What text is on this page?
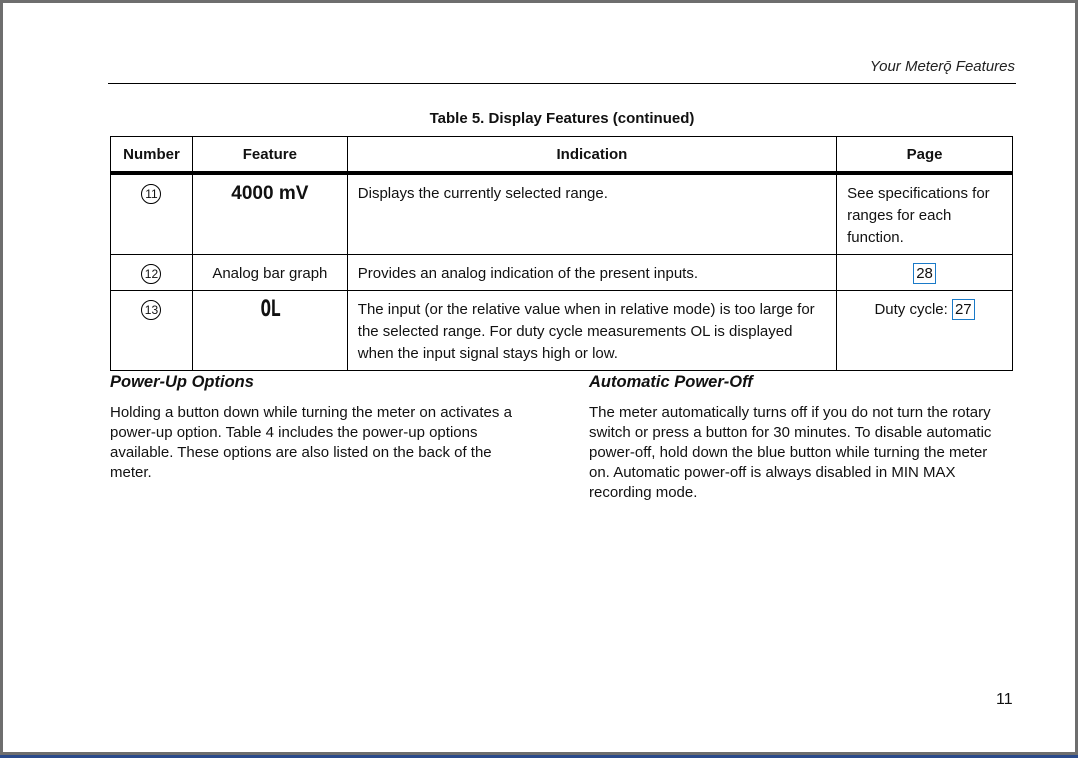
Your Meterǭ Features
Table 5. Display Features (continued)
Number	Feature	Indication	Page
11	4000 mV	Displays the currently selected range.	See specifications for ranges for each function.
12	Analog bar graph	Provides an analog indication of the present inputs.	28
13	OL	The input (or the relative value when in relative mode) is too large for the selected range. For duty cycle measurements OL is displayed when the input signal stays high or low.	Duty cycle: 27
Power-Up Options

Holding a button down while turning the meter on activates a power-up option. Table 4 includes the power-up options available. These options are also listed on the back of the meter.

Automatic Power-Off

The meter automatically turns off if you do not turn the rotary switch or press a button for 30 minutes. To disable automatic power-off, hold down the blue button while turning the meter on. Automatic power-off is always disabled in MIN MAX recording mode.

11
